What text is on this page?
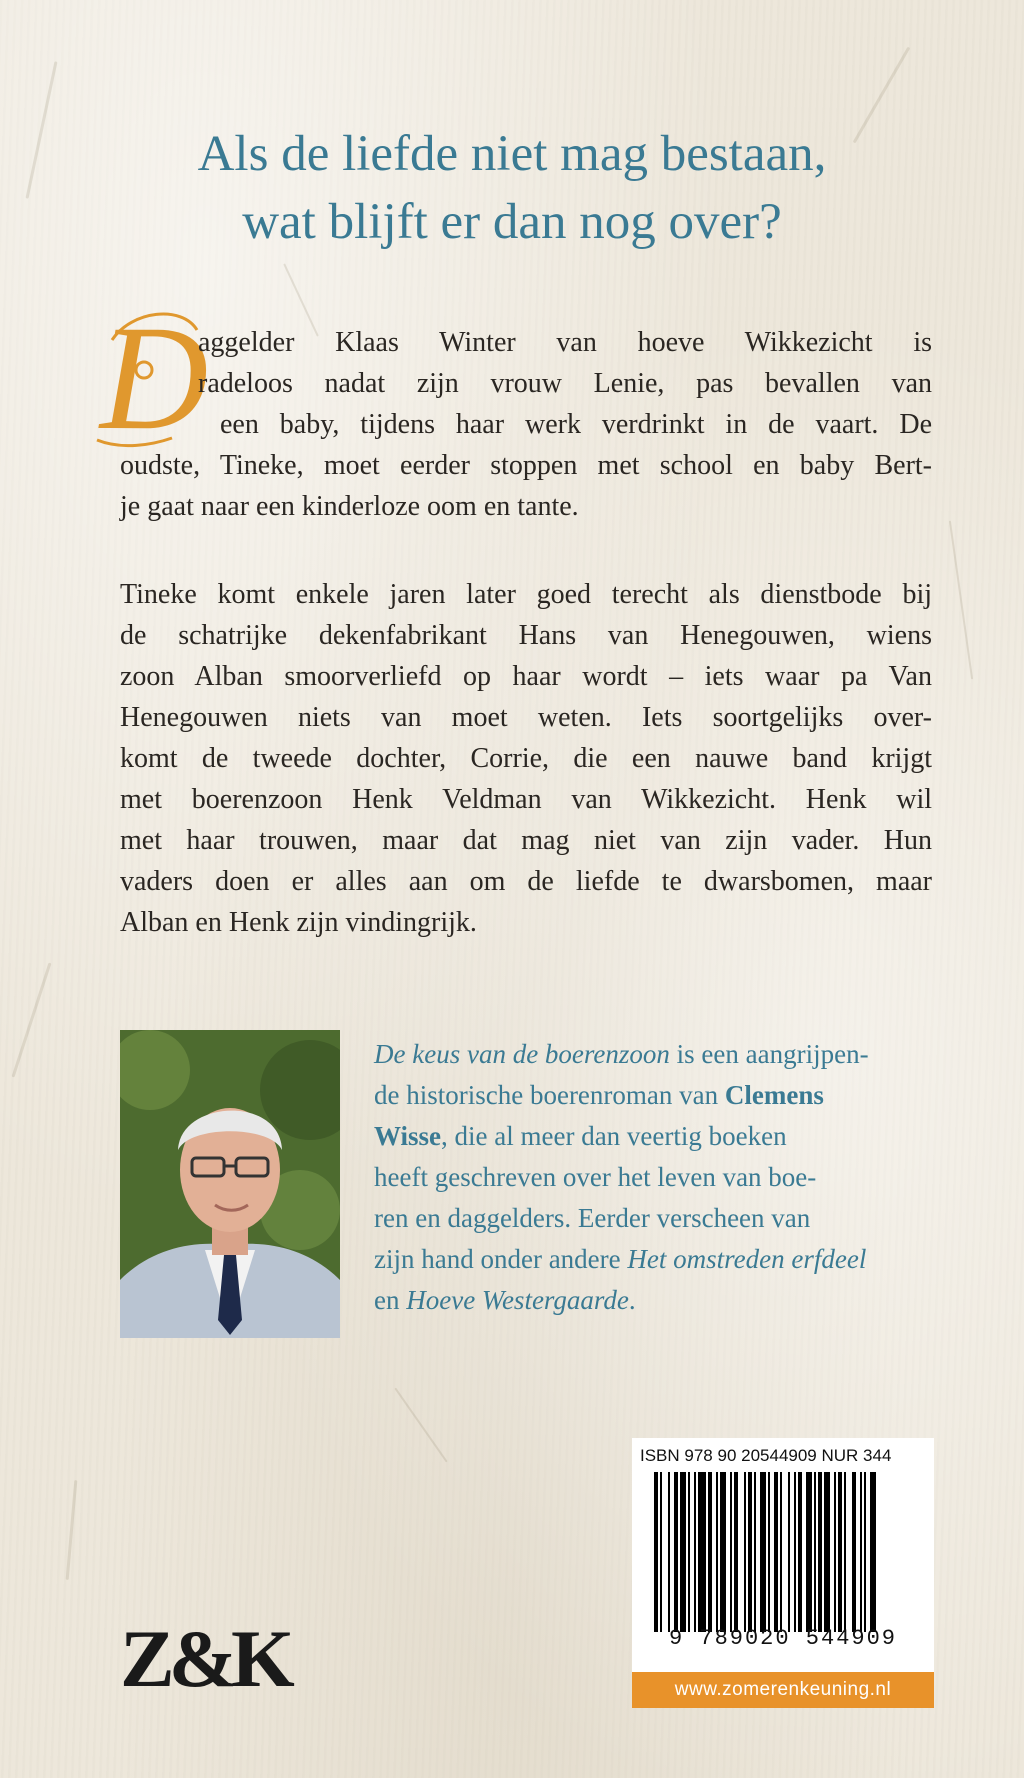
Als de liefde niet mag bestaan,
wat blijft er dan nog over?
D
aggelder Klaas Winter van hoeve Wikkezicht is
radeloos nadat zijn vrouw Lenie, pas bevallen van
een baby, tijdens haar werk verdrinkt in de vaart. De
oudste, Tineke, moet eerder stoppen met school en baby Bert-
je gaat naar een kinderloze oom en tante.
Tineke komt enkele jaren later goed terecht als dienstbode bij
de schatrijke dekenfabrikant Hans van Henegouwen, wiens
zoon Alban smoorverliefd op haar wordt – iets waar pa Van
Henegouwen niets van moet weten. Iets soortgelijks over-
komt de tweede dochter, Corrie, die een nauwe band krijgt
met boerenzoon Henk Veldman van Wikkezicht. Henk wil
met haar trouwen, maar dat mag niet van zijn vader. Hun
vaders doen er alles aan om de liefde te dwarsbomen, maar
Alban en Henk zijn vindingrijk.
De keus van de boerenzoon is een aangrijpen-
de historische boerenroman van Clemens
Wisse, die al meer dan veertig boeken
heeft geschreven over het leven van boe-
ren en daggelders. Eerder verscheen van
zijn hand onder andere Het omstreden erfdeel
en Hoeve Westergaarde.
Z&K
ISBN 978 90 20544909 NUR 344
9 789020 544909
www.zomerenkeuning.nl
